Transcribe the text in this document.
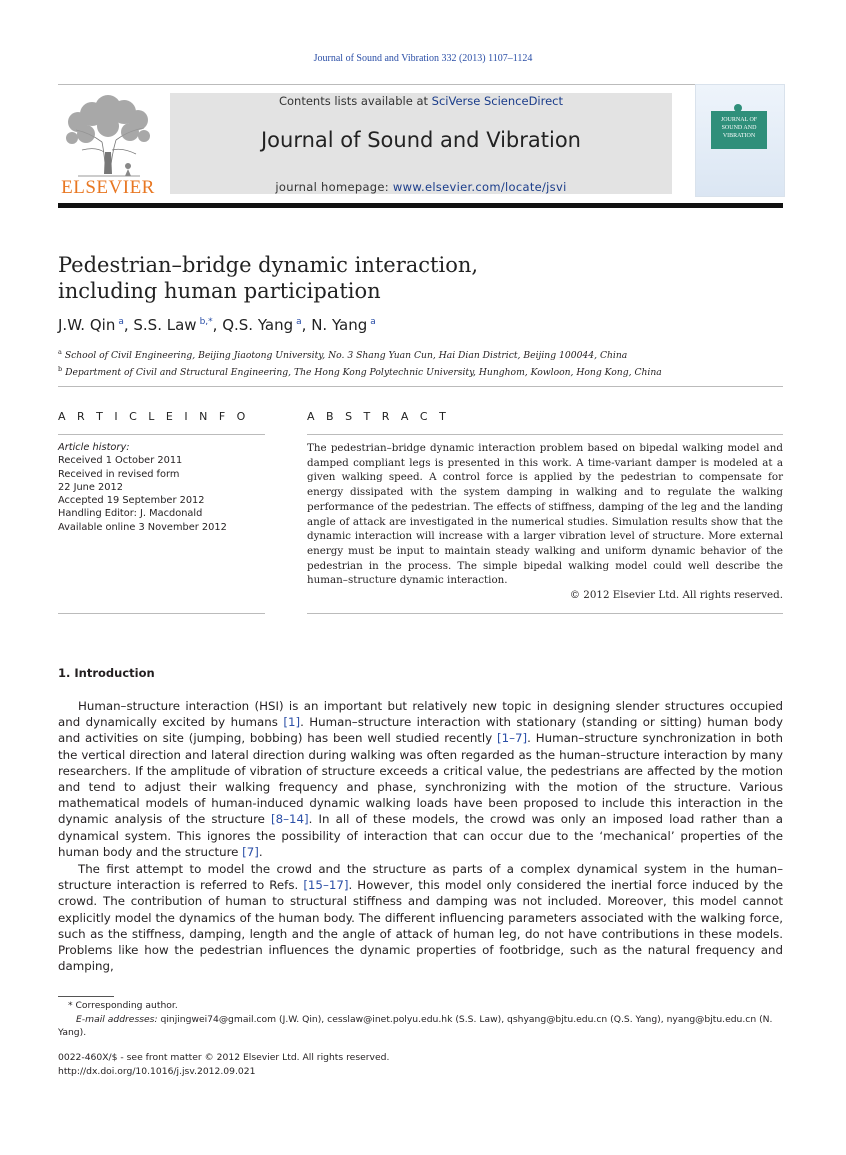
Journal of Sound and Vibration 332 (2013) 1107–1124
ELSEVIER
Contents lists available at SciVerse ScienceDirect
Journal of Sound and Vibration
journal homepage: www.elsevier.com/locate/jsvi
JOURNAL OF SOUND AND VIBRATION
Pedestrian–bridge dynamic interaction, including human participation
J.W. Qin  $^a$, S.S. Law  $^{b,*}$, Q.S. Yang  $^a$, N. Yang  $^a$
$^a$ School of Civil Engineering, Beijing Jiaotong University, No. 3 Shang Yuan Cun, Hai Dian District, Beijing 100044, China
$^b$ Department of Civil and Structural Engineering, The Hong Kong Polytechnic University, Hunghom, Kowloon, Hong Kong, China
A R T I C L E I N F O	A B S T R A C T
Article history:
Received 1 October 2011
Received in revised form
22 June 2012
Accepted 19 September 2012
Handling Editor: J. Macdonald
Available online 3 November 2012
The pedestrian–bridge dynamic interaction problem based on bipedal walking model and damped compliant legs is presented in this work. A time-variant damper is modeled at a given walking speed. A control force is applied by the pedestrian to compensate for energy dissipated with the system damping in walking and to regulate the walking performance of the pedestrian. The effects of stiffness, damping of the leg and the landing angle of attack are investigated in the numerical studies. Simulation results show that the dynamic interaction will increase with a larger vibration level of structure. More external energy must be input to maintain steady walking and uniform dynamic behavior of the pedestrian in the process. The simple bipedal walking model could well describe the human–structure dynamic interaction.
© 2012 Elsevier Ltd. All rights reserved.
1. Introduction
Human–structure interaction (HSI) is an important but relatively new topic in designing slender structures occupied and dynamically excited by humans [1]. Human–structure interaction with stationary (standing or sitting) human body and activities on site (jumping, bobbing) has been well studied recently [1–7]. Human–structure synchronization in both the vertical direction and lateral direction during walking was often regarded as the human–structure interaction by many researchers. If the amplitude of vibration of structure exceeds a critical value, the pedestrians are affected by the motion and tend to adjust their walking frequency and phase, synchronizing with the motion of the structure. Various mathematical models of human-induced dynamic walking loads have been proposed to include this interaction in the dynamic analysis of the structure [8–14]. In all of these models, the crowd was only an imposed load rather than a dynamical system. This ignores the possibility of interaction that can occur due to the ‘mechanical’ properties of the human body and the structure [7].
The first attempt to model the crowd and the structure as parts of a complex dynamical system in the human–structure interaction is referred to Refs. [15–17]. However, this model only considered the inertial force induced by the crowd. The contribution of human to structural stiffness and damping was not included. Moreover, this model cannot explicitly model the dynamics of the human body. The different influencing parameters associated with the walking force, such as the stiffness, damping, length and the angle of attack of human leg, do not have contributions in these models. Problems like how the pedestrian influences the dynamic properties of footbridge, such as the natural frequency and damping,
* Corresponding author.
E-mail addresses: qinjingwei74@gmail.com (J.W. Qin), cesslaw@inet.polyu.edu.hk (S.S. Law), qshyang@bjtu.edu.cn (Q.S. Yang), nyang@bjtu.edu.cn (N. Yang).
0022-460X/$ - see front matter © 2012 Elsevier Ltd. All rights reserved.
http://dx.doi.org/10.1016/j.jsv.2012.09.021
